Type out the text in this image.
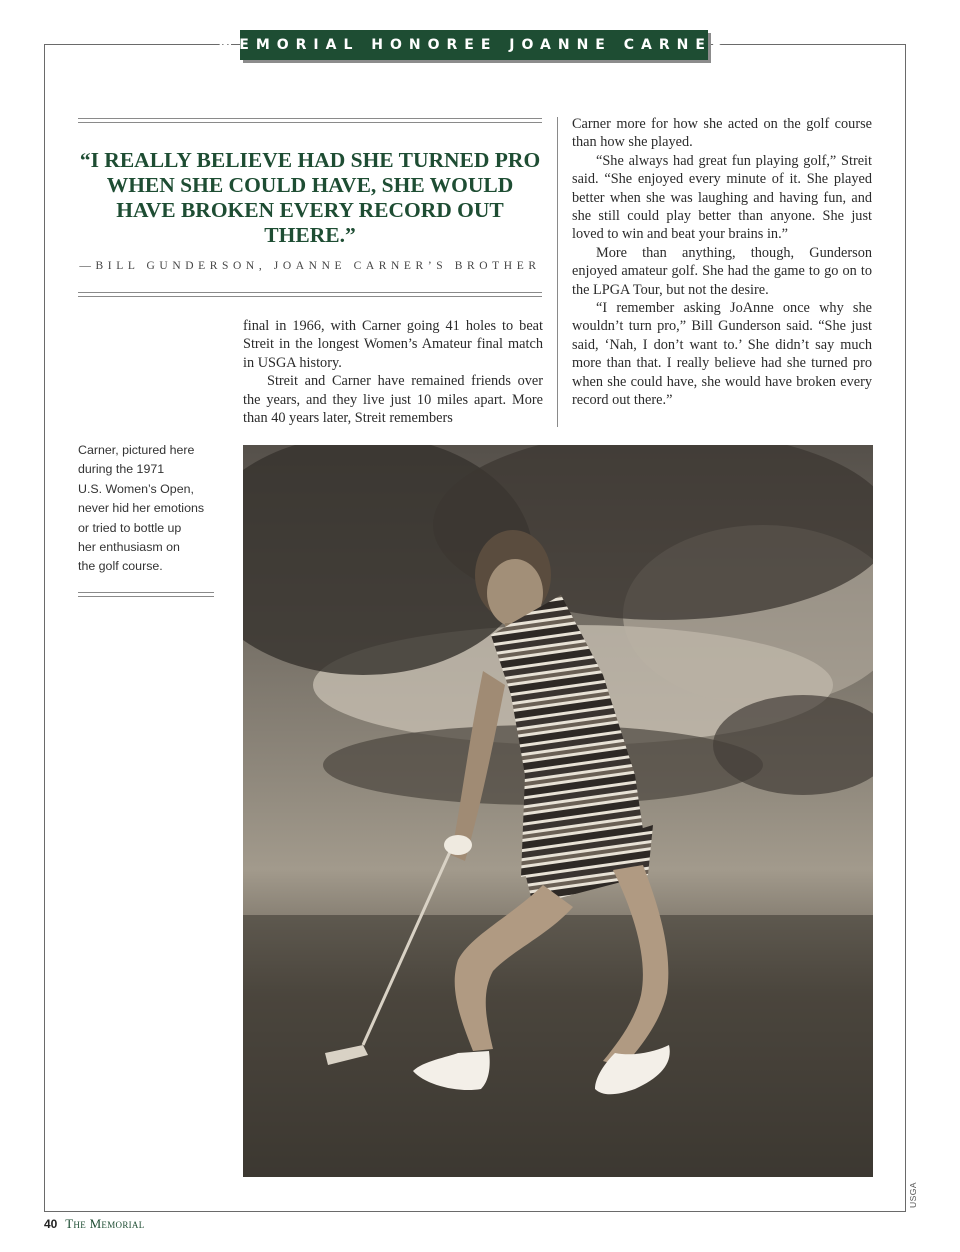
MEMORIAL HONOREE JOANNE CARNER

“I REALLY BELIEVE HAD SHE TURNED PRO WHEN SHE COULD HAVE, SHE WOULD HAVE BROKEN EVERY RECORD OUT THERE.”

—BILL GUNDERSON, JOANNE CARNER’S BROTHER

final in 1966, with Carner going 41 holes to beat Streit in the longest Women’s Amateur final match in USGA history.

Streit and Carner have remained friends over the years, and they live just 10 miles apart. More than 40 years later, Streit remembers

Carner more for how she acted on the golf course than how she played.

“She always had great fun playing golf,” Streit said. “She enjoyed every minute of it. She played better when she was laughing and having fun, and she still could play better than anyone. She just loved to win and beat your brains in.”

More than anything, though, Gunderson enjoyed amateur golf. She had the game to go on to the LPGA Tour, but not the desire.

“I remember asking JoAnne once why she wouldn’t turn pro,” Bill Gunderson said. “She just said, ‘Nah, I don’t want to.’ She didn’t say much more than that. I really believe had she turned pro when she could have, she would have broken every record out there.”

Carner, pictured here
during the 1971
U.S. Women’s Open,
never hid her emotions
or tried to bottle up
her enthusiasm on
the golf course.
USGA
40 The Memorial
